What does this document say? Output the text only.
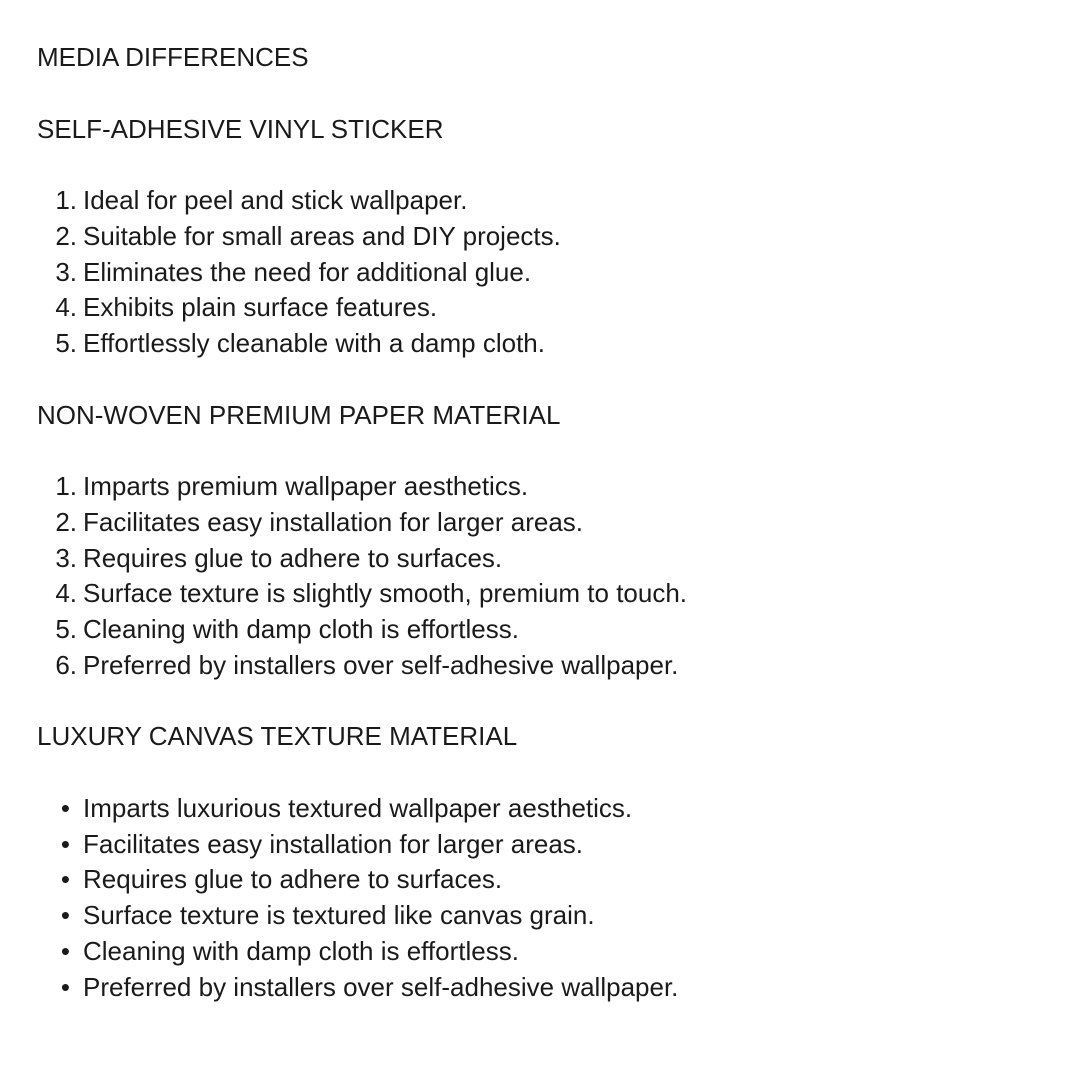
MEDIA DIFFERENCES

SELF-ADHESIVE VINYL STICKER

1. Ideal for peel and stick wallpaper.
2. Suitable for small areas and DIY projects.
3. Eliminates the need for additional glue.
4. Exhibits plain surface features.
5. Effortlessly cleanable with a damp cloth.

NON-WOVEN PREMIUM PAPER MATERIAL

1. Imparts premium wallpaper aesthetics.
2. Facilitates easy installation for larger areas.
3. Requires glue to adhere to surfaces.
4. Surface texture is slightly smooth, premium to touch.
5. Cleaning with damp cloth is effortless.
6. Preferred by installers over self-adhesive wallpaper.

LUXURY CANVAS TEXTURE MATERIAL

• Imparts luxurious textured wallpaper aesthetics.
• Facilitates easy installation for larger areas.
• Requires glue to adhere to surfaces.
• Surface texture is textured like canvas grain.
• Cleaning with damp cloth is effortless.
• Preferred by installers over self-adhesive wallpaper.
